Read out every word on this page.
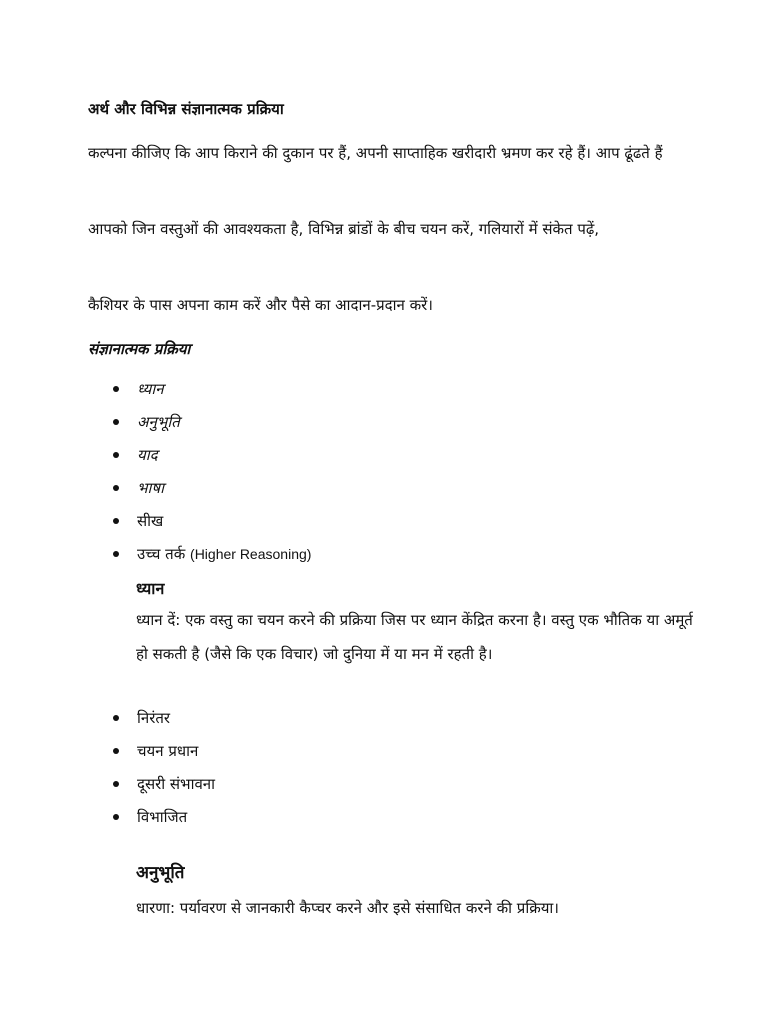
अर्थ और विभिन्न संज्ञानात्मक प्रक्रिया

कल्पना कीजिए कि आप किराने की दुकान पर हैं, अपनी साप्ताहिक खरीदारी भ्रमण कर रहे हैं। आप ढूंढते हैं

आपको जिन वस्तुओं की आवश्यकता है, विभिन्न ब्रांडों के बीच चयन करें, गलियारों में संकेत पढ़ें,

कैशियर के पास अपना काम करें और पैसे का आदान-प्रदान करें।

संज्ञानात्मक प्रक्रिया

ध्यान
अनुभूति
याद
भाषा
सीख
उच्च तर्क (Higher Reasoning)

ध्यान

ध्यान दें: एक वस्तु का चयन करने की प्रक्रिया जिस पर ध्यान केंद्रित करना है। वस्तु एक भौतिक या अमूर्त हो सकती है (जैसे कि एक विचार) जो दुनिया में या मन में रहती है।

निरंतर
चयन प्रधान
दूसरी संभावना
विभाजित

अनुभूति

धारणा: पर्यावरण से जानकारी कैप्चर करने और इसे संसाधित करने की प्रक्रिया।
